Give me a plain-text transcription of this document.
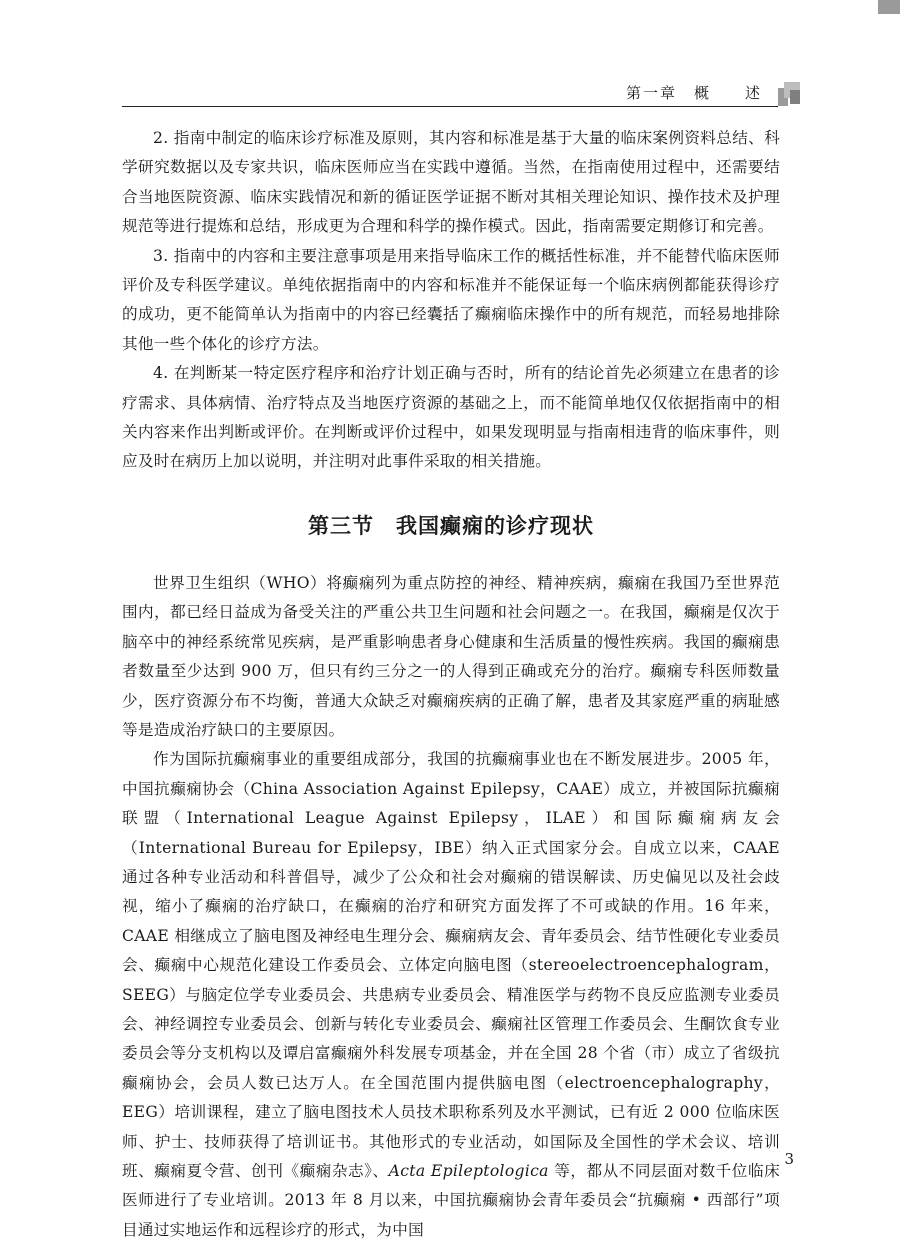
第一章　概　　述

2. 指南中制定的临床诊疗标准及原则，其内容和标准是基于大量的临床案例资料总结、科学研究数据以及专家共识，临床医师应当在实践中遵循。当然，在指南使用过程中，还需要结合当地医院资源、临床实践情况和新的循证医学证据不断对其相关理论知识、操作技术及护理规范等进行提炼和总结，形成更为合理和科学的操作模式。因此，指南需要定期修订和完善。

3. 指南中的内容和主要注意事项是用来指导临床工作的概括性标准，并不能替代临床医师评价及专科医学建议。单纯依据指南中的内容和标准并不能保证每一个临床病例都能获得诊疗的成功，更不能简单认为指南中的内容已经囊括了癫痫临床操作中的所有规范，而轻易地排除其他一些个体化的诊疗方法。

4. 在判断某一特定医疗程序和治疗计划正确与否时，所有的结论首先必须建立在患者的诊疗需求、具体病情、治疗特点及当地医疗资源的基础之上，而不能简单地仅仅依据指南中的相关内容来作出判断或评价。在判断或评价过程中，如果发现明显与指南相违背的临床事件，则应及时在病历上加以说明，并注明对此事件采取的相关措施。

第三节 我国癫痫的诊疗现状

世界卫生组织（WHO）将癫痫列为重点防控的神经、精神疾病，癫痫在我国乃至世界范围内，都已经日益成为备受关注的严重公共卫生问题和社会问题之一。在我国，癫痫是仅次于脑卒中的神经系统常见疾病，是严重影响患者身心健康和生活质量的慢性疾病。我国的癫痫患者数量至少达到 900 万，但只有约三分之一的人得到正确或充分的治疗。癫痫专科医师数量少，医疗资源分布不均衡，普通大众缺乏对癫痫疾病的正确了解，患者及其家庭严重的病耻感等是造成治疗缺口的主要原因。

作为国际抗癫痫事业的重要组成部分，我国的抗癫痫事业也在不断发展进步。2005 年，中国抗癫痫协会（China Association Against Epilepsy，CAAE）成立，并被国际抗癫痫联盟（International League Against Epilepsy，ILAE）和国际癫痫病友会（International Bureau for Epilepsy，IBE）纳入正式国家分会。自成立以来，CAAE 通过各种专业活动和科普倡导，减少了公众和社会对癫痫的错误解读、历史偏见以及社会歧视，缩小了癫痫的治疗缺口，在癫痫的治疗和研究方面发挥了不可或缺的作用。16 年来，CAAE 相继成立了脑电图及神经电生理分会、癫痫病友会、青年委员会、结节性硬化专业委员会、癫痫中心规范化建设工作委员会、立体定向脑电图（stereoelectroencephalogram，SEEG）与脑定位学专业委员会、共患病专业委员会、精准医学与药物不良反应监测专业委员会、神经调控专业委员会、创新与转化专业委员会、癫痫社区管理工作委员会、生酮饮食专业委员会等分支机构以及谭启富癫痫外科发展专项基金，并在全国 28 个省（市）成立了省级抗癫痫协会，会员人数已达万人。在全国范围内提供脑电图（electroencephalography，EEG）培训课程，建立了脑电图技术人员技术职称系列及水平测试，已有近 2 000 位临床医师、护士、技师获得了培训证书。其他形式的专业活动，如国际及全国性的学术会议、培训班、癫痫夏令营、创刊《癫痫杂志》、Acta Epileptologica 等，都从不同层面对数千位临床医师进行了专业培训。2013 年 8 月以来，中国抗癫痫协会青年委员会“抗癫痫 • 西部行”项目通过实地运作和远程诊疗的形式，为中国

3
